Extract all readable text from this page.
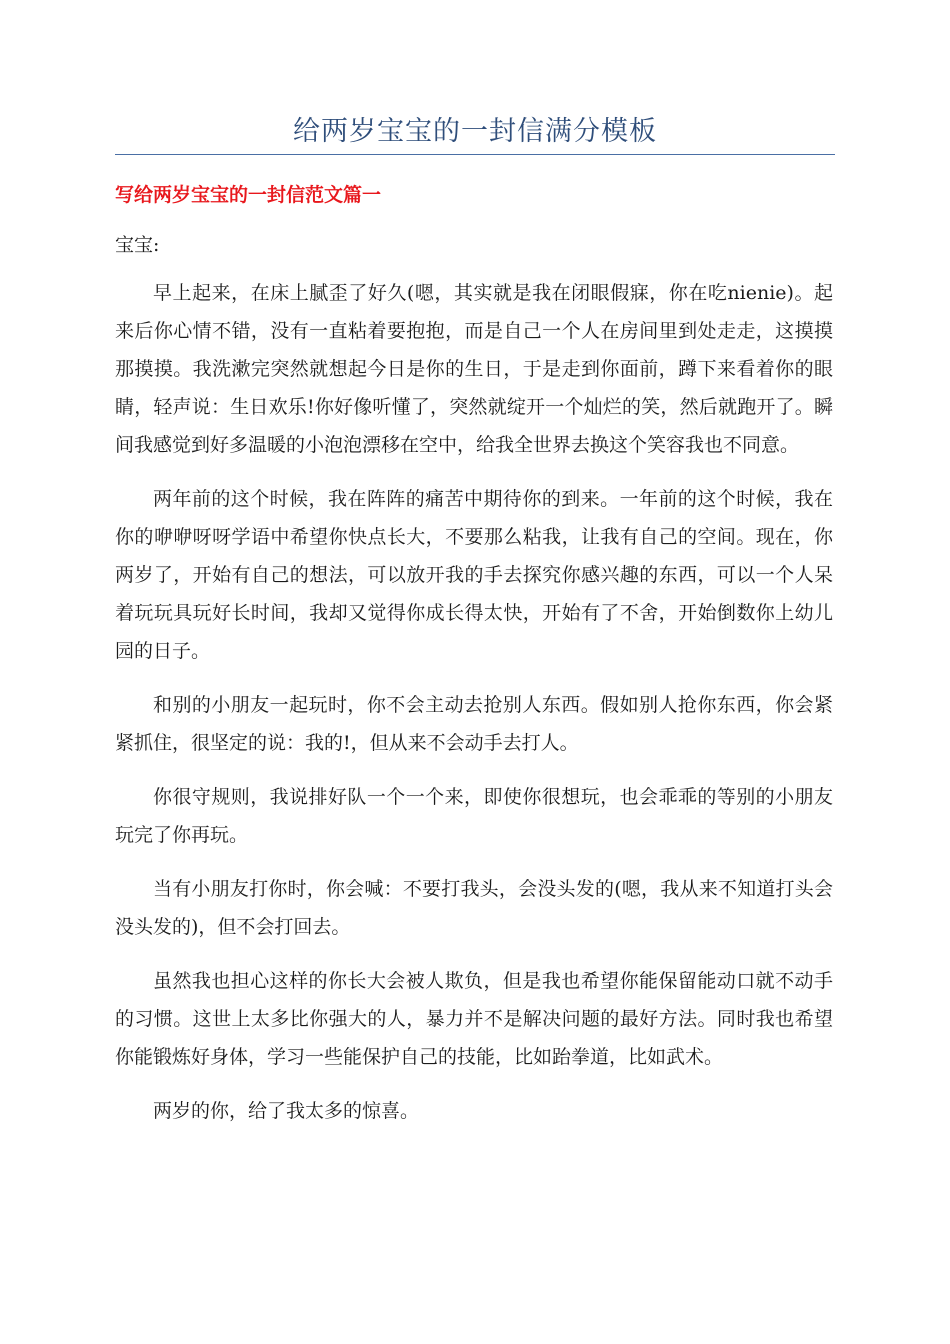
给两岁宝宝的一封信满分模板
写给两岁宝宝的一封信范文篇一

宝宝:

早上起来，在床上腻歪了好久(嗯，其实就是我在闭眼假寐，你在吃nienie)。起来后你心情不错，没有一直粘着要抱抱，而是自己一个人在房间里到处走走，这摸摸那摸摸。我洗漱完突然就想起今日是你的生日，于是走到你面前，蹲下来看着你的眼睛，轻声说：生日欢乐!你好像听懂了，突然就绽开一个灿烂的笑，然后就跑开了。瞬间我感觉到好多温暖的小泡泡漂移在空中，给我全世界去换这个笑容我也不同意。

两年前的这个时候，我在阵阵的痛苦中期待你的到来。一年前的这个时候，我在你的咿咿呀呀学语中希望你快点长大，不要那么粘我，让我有自己的空间。现在，你两岁了，开始有自己的想法，可以放开我的手去探究你感兴趣的东西，可以一个人呆着玩玩具玩好长时间，我却又觉得你成长得太快，开始有了不舍，开始倒数你上幼儿园的日子。

和别的小朋友一起玩时，你不会主动去抢别人东西。假如别人抢你东西，你会紧紧抓住，很坚定的说：我的!，但从来不会动手去打人。

你很守规则，我说排好队一个一个来，即使你很想玩，也会乖乖的等别的小朋友玩完了你再玩。

当有小朋友打你时，你会喊：不要打我头，会没头发的(嗯，我从来不知道打头会没头发的)，但不会打回去。

虽然我也担心这样的你长大会被人欺负，但是我也希望你能保留能动口就不动手的习惯。这世上太多比你强大的人，暴力并不是解决问题的最好方法。同时我也希望你能锻炼好身体，学习一些能保护自己的技能，比如跆拳道，比如武术。

两岁的你，给了我太多的惊喜。
